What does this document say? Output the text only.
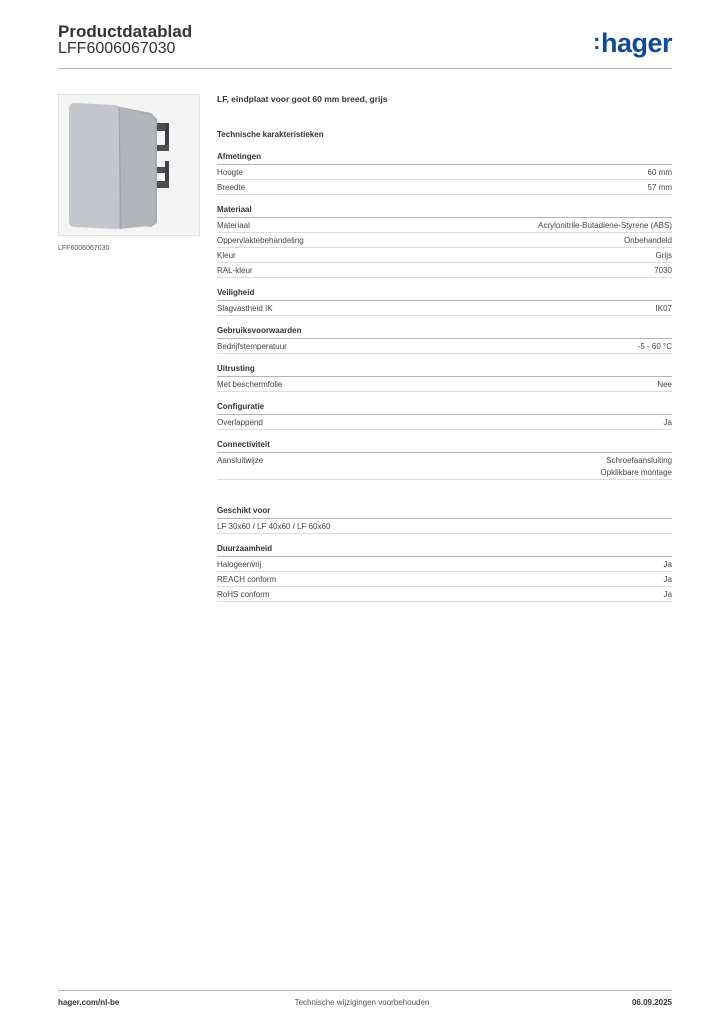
Productdatablad
LFF6006067030	:hager
LFF6006067030
LF, eindplaat voor goot 60 mm breed, grijs
Technische karakteristieken
Afmetingen
Hoogte	60 mm
Breedte	57 mm
Materiaal
Materiaal	Acrylonitrile-Butadiene-Styrene (ABS)
Oppervlaktebehandeling	Onbehandeld
Kleur	Grijs
RAL-kleur	7030
Veiligheid
Slagvastheid IK	IK07
Gebruiksvoorwaarden
Bedrijfstemperatuur	-5 - 60 °C
Uitrusting
Met beschermfolie	Nee
Configuratie
Overlappend	Ja
Connectiviteit
Aansluitwijze	Schroefaansluiting
Opklikbare montage
Geschikt voor
LF 30x60 / LF 40x60 / LF 60x60
Duurzaamheid
Halogeenvrij	Ja
REACH conform	Ja
RoHS conform	Ja
hager.com/nl-be	Technische wijzigingen voorbehouden	06.09.2025
